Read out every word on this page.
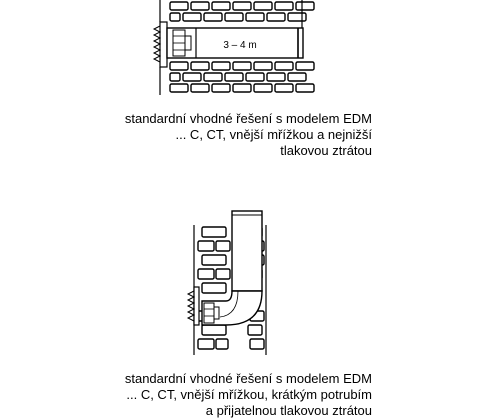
3 – 4 m
standardní vhodné řešení s modelem EDM
... C, CT, vnější mřížkou a nejnižší
tlakovou ztrátou
standardní vhodné řešení s modelem EDM
... C, CT, vnější mřížkou, krátkým potrubím
a přijatelnou tlakovou ztrátou
